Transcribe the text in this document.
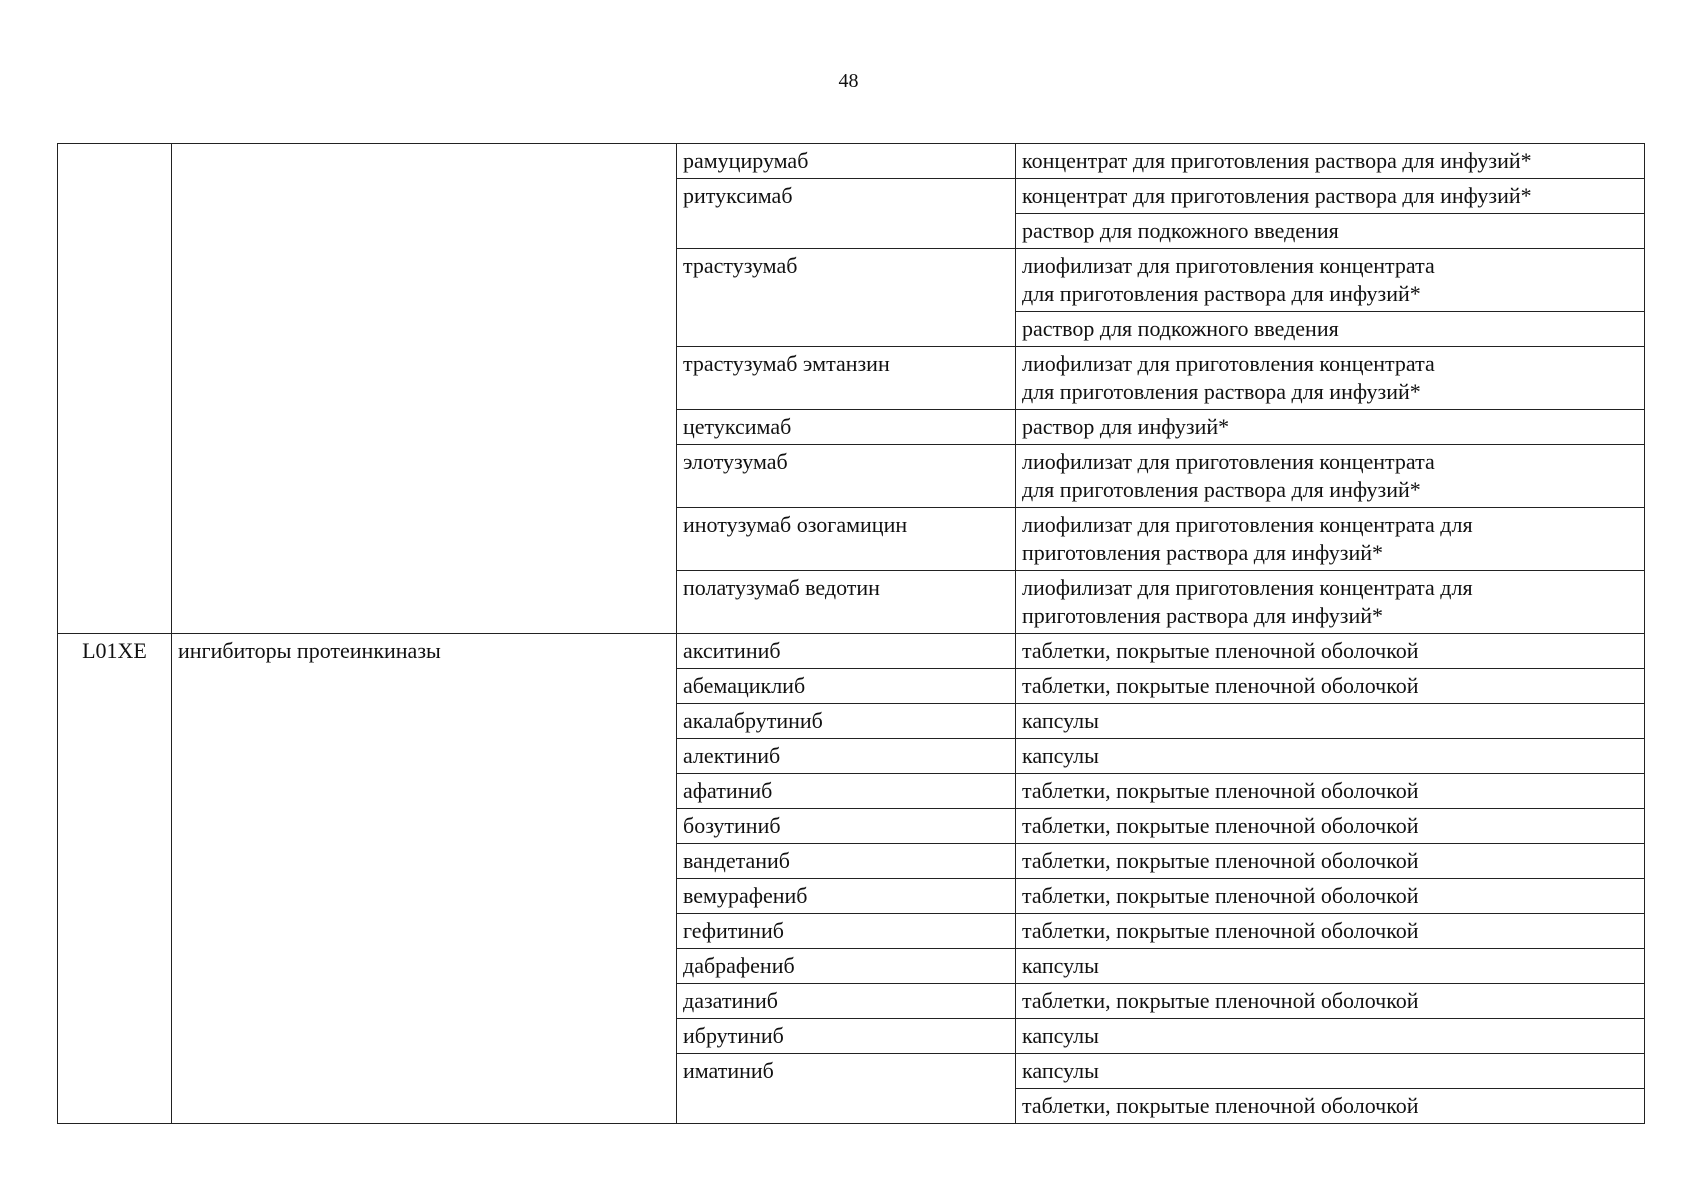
48
		рамуцирумаб	концентрат для приготовления раствора для инфузий*
		ритуксимаб	концентрат для приготовления раствора для инфузий*
			раствор для подкожного введения
		трастузумаб	лиофилизат для приготовления концентрата
для приготовления раствора для инфузий*
			раствор для подкожного введения
		трастузумаб эмтанзин	лиофилизат для приготовления концентрата
для приготовления раствора для инфузий*
		цетуксимаб	раствор для инфузий*
		элотузумаб	лиофилизат для приготовления концентрата
для приготовления раствора для инфузий*
		инотузумаб озогамицин	лиофилизат для приготовления концентрата для
приготовления раствора для инфузий*
		полатузумаб ведотин	лиофилизат для приготовления концентрата для
приготовления раствора для инфузий*
L01XE	ингибиторы протеинкиназы	акситиниб	таблетки, покрытые пленочной оболочкой
		абемациклиб	таблетки, покрытые пленочной оболочкой
		акалабрутиниб	капсулы
		алектиниб	капсулы
		афатиниб	таблетки, покрытые пленочной оболочкой
		бозутиниб	таблетки, покрытые пленочной оболочкой
		вандетаниб	таблетки, покрытые пленочной оболочкой
		вемурафениб	таблетки, покрытые пленочной оболочкой
		гефитиниб	таблетки, покрытые пленочной оболочкой
		дабрафениб	капсулы
		дазатиниб	таблетки, покрытые пленочной оболочкой
		ибрутиниб	капсулы
		иматиниб	капсулы
			таблетки, покрытые пленочной оболочкой
